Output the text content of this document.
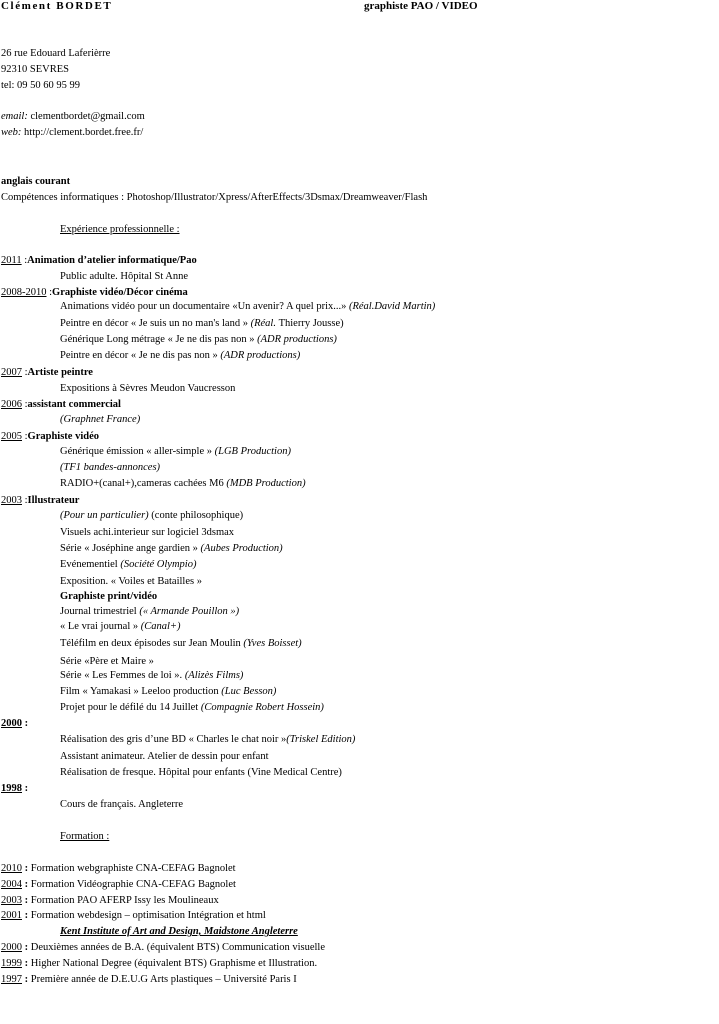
Clément BORDET	graphiste PAO / VIDEO
26 rue Edouard Laferièrre
92310 SEVRES
tel: 09 50 60 95 99
email: clementbordet@gmail.com
web: http://clement.bordet.free.fr/
anglais courant
Compétences informatiques : Photoshop/Illustrator/Xpress/AfterEffects/3Dsmax/Dreamweaver/Flash
Expérience professionnelle :
2011 :Animation d’atelier informatique/Pao
Public adulte. Hôpital St Anne
2008-2010 :Graphiste vidéo/Décor cinéma
Animations vidéo pour un documentaire «Un avenir? A quel prix...» (Réal.David Martin)
Peintre en décor « Je suis un no man's land » (Réal. Thierry Jousse)
Générique Long métrage « Je ne dis pas non » (ADR productions)
Peintre en décor « Je ne dis pas non » (ADR productions)
2007 :Artiste peintre
Expositions à Sèvres Meudon Vaucresson
2006 :assistant commercial
(Graphnet France)
2005 :Graphiste vidéo
Générique émission « aller-simple » (LGB Production)
(TF1 bandes-annonces)
RADIO+(canal+),cameras cachées M6 (MDB Production)
2003 :Illustrateur
(Pour un particulier) (conte philosophique)
Visuels achi.interieur sur logiciel 3dsmax
Série « Joséphine ange gardien » (Aubes Production)
Evénementiel (Société Olympio)
Exposition. « Voiles et Batailles »
Graphiste print/vidéo
Journal trimestriel (« Armande Pouillon »)
« Le vrai journal » (Canal+)
Téléfilm en deux épisodes sur Jean Moulin (Yves Boisset)
Série «Père et Maire »
Série « Les Femmes de loi ». (Alizès Films)
Film « Yamakasi » Leeloo production (Luc Besson)
Projet pour le défilé du 14 Juillet (Compagnie Robert Hossein)
2000 :
Réalisation des gris d’une BD « Charles le chat noir »(Triskel Edition)
Assistant animateur. Atelier de dessin pour enfant
Réalisation de fresque. Hôpital pour enfants (Vine Medical Centre)
1998 :
Cours de français. Angleterre
Formation :
2010 : Formation webgraphiste CNA-CEFAG Bagnolet
2004 : Formation Vidéographie CNA-CEFAG Bagnolet
2003 : Formation PAO AFERP Issy les Moulineaux
2001 : Formation webdesign – optimisation Intégration et html
Kent Institute of Art and Design, Maidstone Angleterre
2000 : Deuxièmes années de B.A. (équivalent BTS) Communication visuelle
1999 : Higher National Degree (équivalent BTS) Graphisme et Illustration.
1997 : Première année de D.E.U.G Arts plastiques – Université Paris I
